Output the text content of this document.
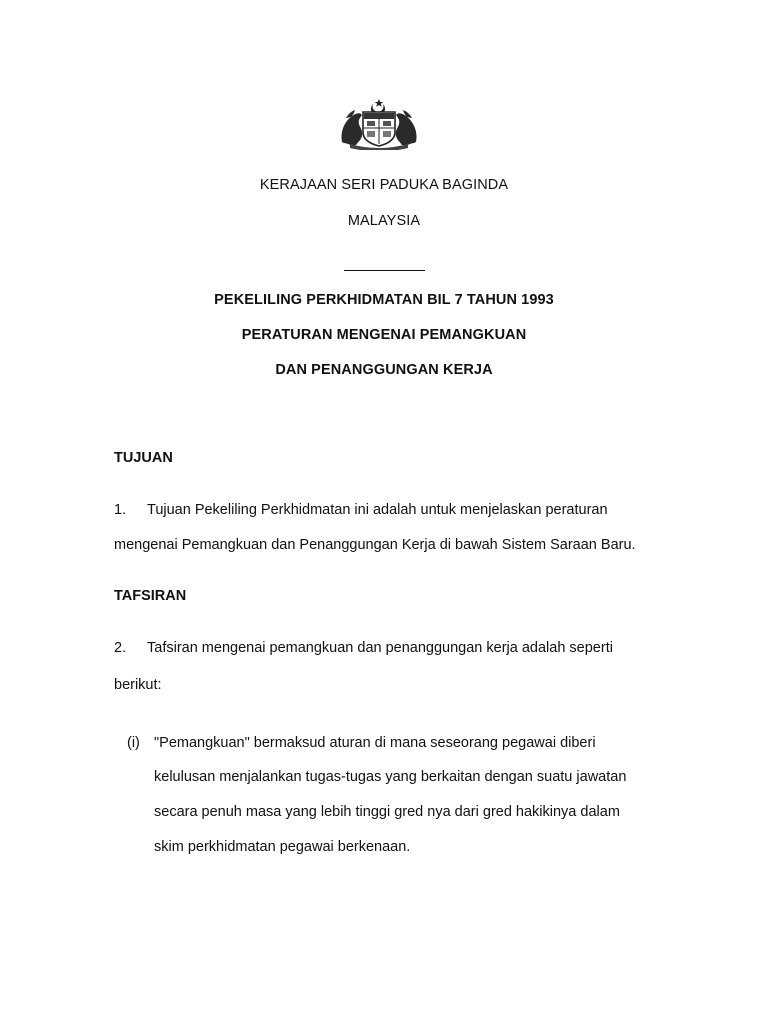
KERAJAAN SERI PADUKA BAGINDA
MALAYSIA
PEKELILING PERKHIDMATAN BIL 7 TAHUN 1993
PERATURAN MENGENAI PEMANGKUAN
DAN PENANGGUNGAN KERJA
TUJUAN
1. Tujuan Pekeliling Perkhidmatan ini adalah untuk menjelaskan peraturan
mengenai Pemangkuan dan Penanggungan Kerja di bawah Sistem Saraan Baru.
TAFSIRAN
2. Tafsiran mengenai pemangkuan dan penanggungan kerja adalah seperti
berikut:
(i) "Pemangkuan" bermaksud aturan di mana seseorang pegawai diberi
kelulusan menjalankan tugas-tugas yang berkaitan dengan suatu jawatan
secara penuh masa yang lebih tinggi gred nya dari gred hakikinya dalam
skim perkhidmatan pegawai berkenaan.
